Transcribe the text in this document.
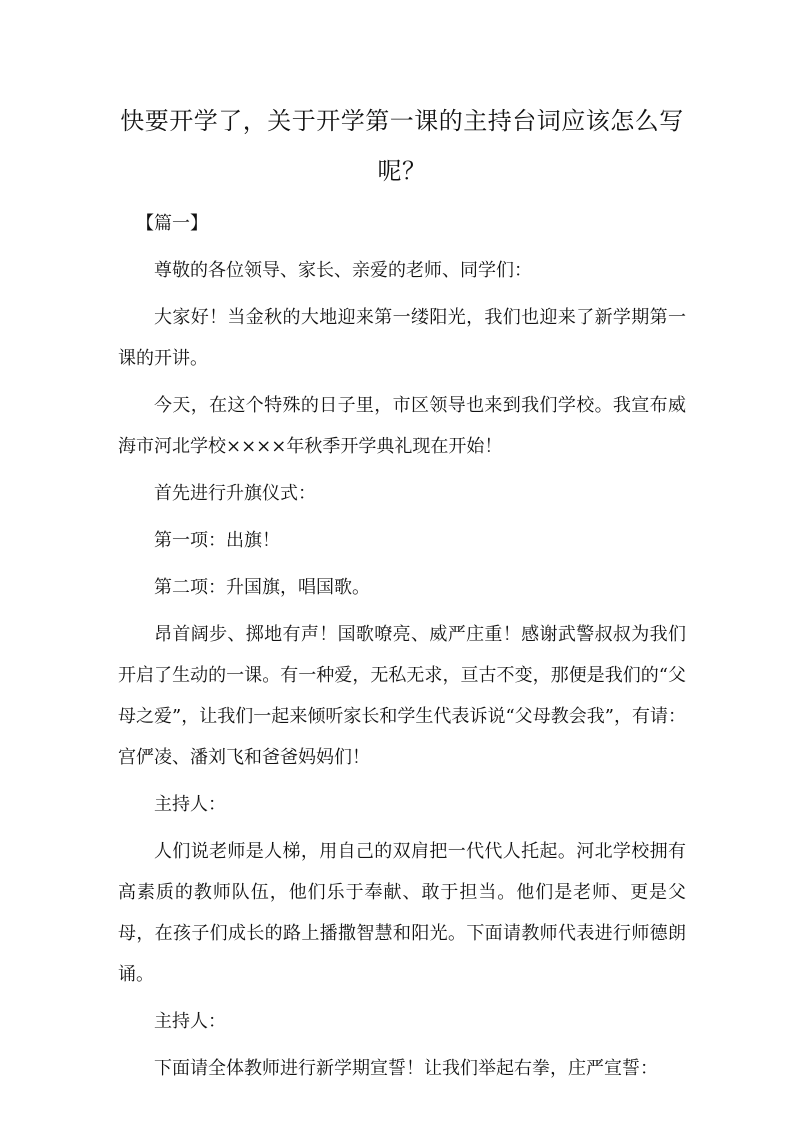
快要开学了，关于开学第一课的主持台词应该怎么写呢？

【篇一】

尊敬的各位领导、家长、亲爱的老师、同学们：

大家好！当金秋的大地迎来第一缕阳光，我们也迎来了新学期第一课的开讲。

今天，在这个特殊的日子里，市区领导也来到我们学校。我宣布威海市河北学校××××年秋季开学典礼现在开始！

首先进行升旗仪式：

第一项：出旗！

第二项：升国旗，唱国歌。

昂首阔步、掷地有声！国歌嘹亮、威严庄重！感谢武警叔叔为我们开启了生动的一课。有一种爱，无私无求，亘古不变，那便是我们的“父母之爱”，让我们一起来倾听家长和学生代表诉说“父母教会我”，有请：宫俨凌、潘刘飞和爸爸妈妈们！

主持人：

人们说老师是人梯，用自己的双肩把一代代人托起。河北学校拥有高素质的教师队伍，他们乐于奉献、敢于担当。他们是老师、更是父母，在孩子们成长的路上播撒智慧和阳光。下面请教师代表进行师德朗诵。

主持人：

下面请全体教师进行新学期宣誓！让我们举起右拳，庄严宣誓：
